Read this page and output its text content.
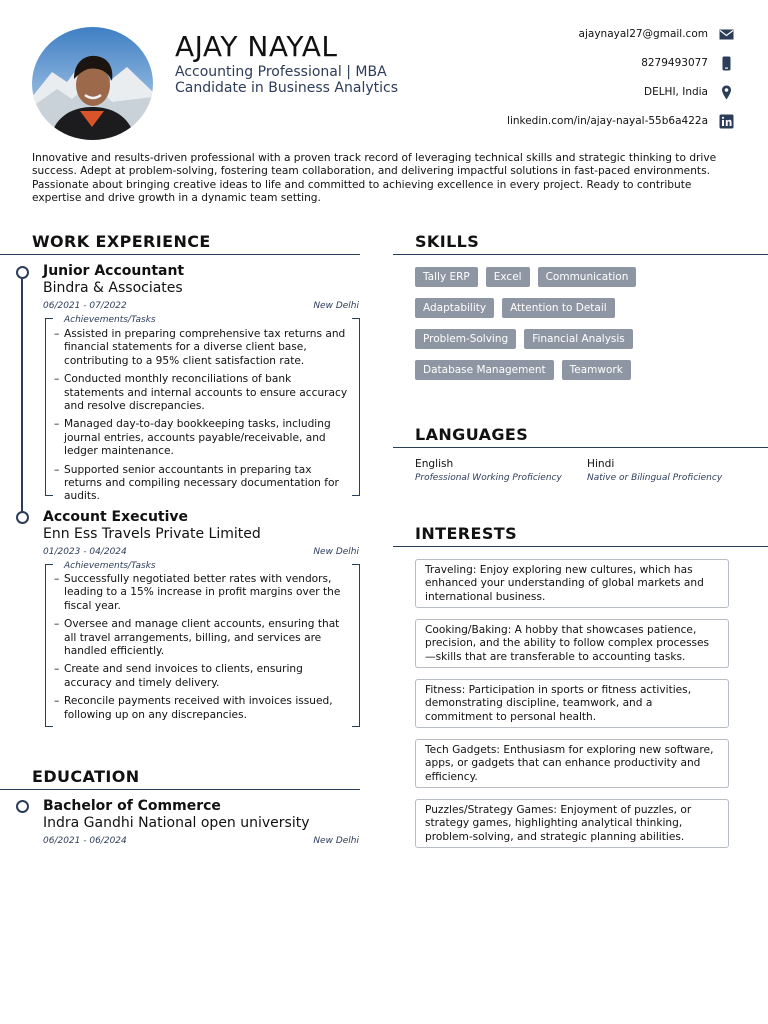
AJAY NAYAL
Accounting Professional | MBA Candidate in Business Analytics
ajaynayal27@gmail.com
8279493077
DELHI, India
linkedin.com/in/ajay-nayal-55b6a422a
Innovative and results-driven professional with a proven track record of leveraging technical skills and strategic thinking to drive success. Adept at problem-solving, fostering team collaboration, and delivering impactful solutions in fast-paced environments. Passionate about bringing creative ideas to life and committed to achieving excellence in every project. Ready to contribute expertise and drive growth in a dynamic team setting.
WORK EXPERIENCE
Junior Accountant
Bindra & Associates
06/2021 - 07/2022	New Delhi
Achievements/Tasks
– Assisted in preparing comprehensive tax returns and financial statements for a diverse client base, contributing to a 95% client satisfaction rate.
– Conducted monthly reconciliations of bank statements and internal accounts to ensure accuracy and resolve discrepancies.
– Managed day-to-day bookkeeping tasks, including journal entries, accounts payable/receivable, and ledger maintenance.
– Supported senior accountants in preparing tax returns and compiling necessary documentation for audits.
Account Executive
Enn Ess Travels Private Limited
01/2023 - 04/2024	New Delhi
Achievements/Tasks
– Successfully negotiated better rates with vendors, leading to a 15% increase in profit margins over the fiscal year.
– Oversee and manage client accounts, ensuring that all travel arrangements, billing, and services are handled efficiently.
– Create and send invoices to clients, ensuring accuracy and timely delivery.
– Reconcile payments received with invoices issued, following up on any discrepancies.
EDUCATION
Bachelor of Commerce
Indra Gandhi National open university
06/2021 - 06/2024	New Delhi
SKILLS
Tally ERP	Excel	Communication
Adaptability	Attention to Detail
Problem-Solving	Financial Analysis
Database Management	Teamwork
LANGUAGES
English
Professional Working Proficiency
Hindi
Native or Bilingual Proficiency
INTERESTS
Traveling: Enjoy exploring new cultures, which has enhanced your understanding of global markets and international business.
Cooking/Baking: A hobby that showcases patience, precision, and the ability to follow complex processes—skills that are transferable to accounting tasks.
Fitness: Participation in sports or fitness activities, demonstrating discipline, teamwork, and a commitment to personal health.
Tech Gadgets: Enthusiasm for exploring new software, apps, or gadgets that can enhance productivity and efficiency.
Puzzles/Strategy Games: Enjoyment of puzzles, or strategy games, highlighting analytical thinking, problem-solving, and strategic planning abilities.
